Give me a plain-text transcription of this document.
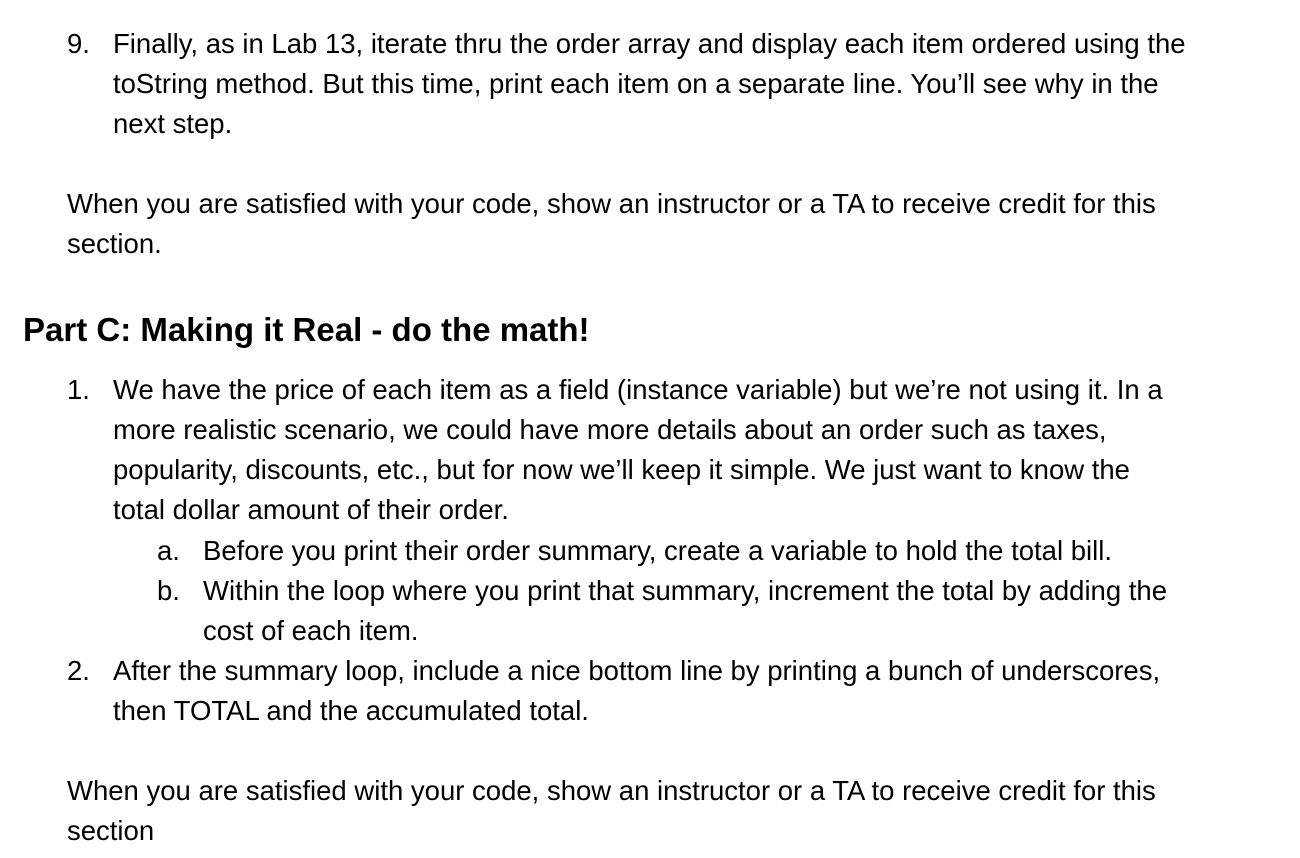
9. Finally, as in Lab 13, iterate thru the order array and display each item ordered using the

toString method. But this time, print each item on a separate line. You’ll see why in the

next step.

When you are satisfied with your code, show an instructor or a TA to receive credit for this

section.

Part C: Making it Real - do the math!

1. We have the price of each item as a field (instance variable) but we’re not using it. In a

more realistic scenario, we could have more details about an order such as taxes,

popularity, discounts, etc., but for now we’ll keep it simple. We just want to know the

total dollar amount of their order.

a. Before you print their order summary, create a variable to hold the total bill.

b. Within the loop where you print that summary, increment the total by adding the

cost of each item.

2. After the summary loop, include a nice bottom line by printing a bunch of underscores,

then TOTAL and the accumulated total.

When you are satisfied with your code, show an instructor or a TA to receive credit for this

section
